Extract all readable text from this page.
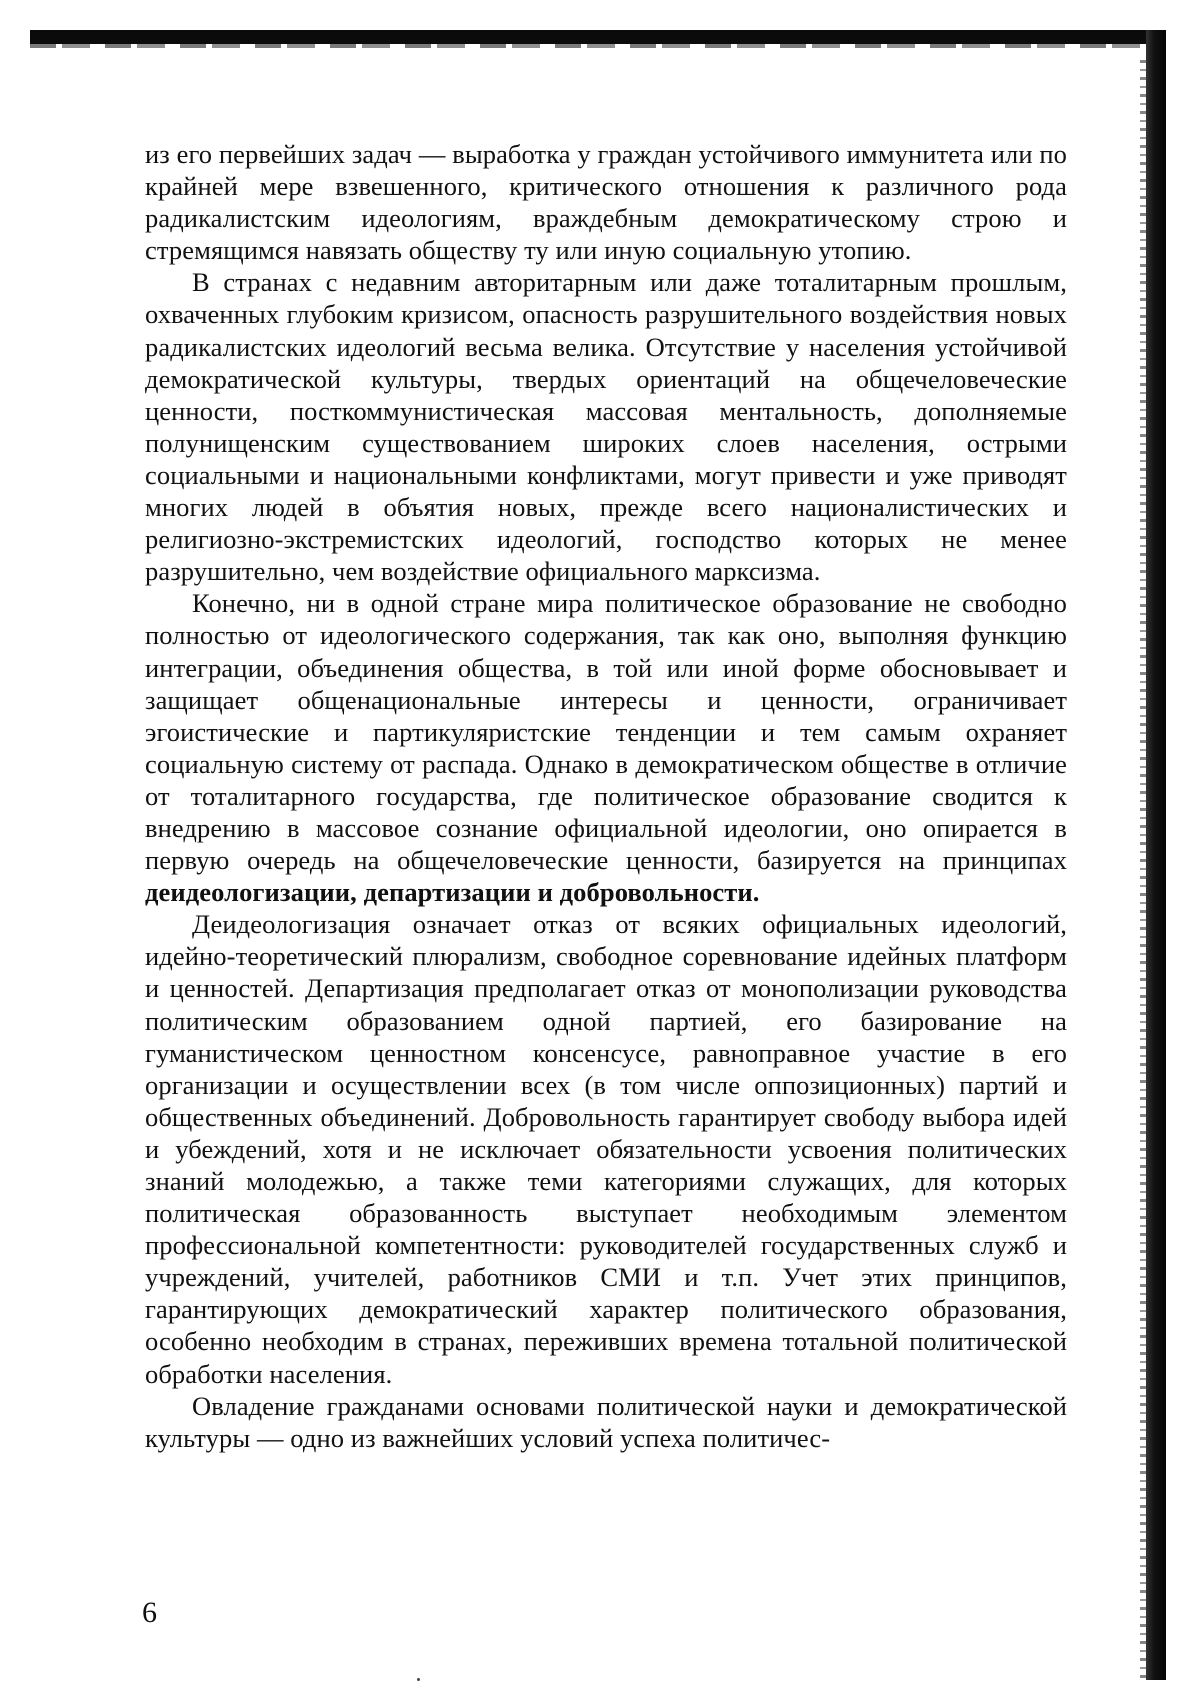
из его первейших задач — выработка у граждан устойчивого иммунитета или по крайней мере взвешенного, критического отношения к различного рода радикалистским идеологиям, враждебным демократическому строю и стремящимся навязать обществу ту или иную социальную утопию.

В странах с недавним авторитарным или даже тоталитарным прошлым, охваченных глубоким кризисом, опасность разрушительного воздействия новых радикалистских идеологий весьма велика. Отсутствие у населения устойчивой демократической культуры, твердых ориентаций на общечеловеческие ценности, посткоммунистическая массовая ментальность, дополняемые полунищенским существованием широких слоев населения, острыми социальными и национальными конфликтами, могут привести и уже приводят многих людей в объятия новых, прежде всего националистических и религиозно-экстремистских идеологий, господство которых не менее разрушительно, чем воздействие официального марксизма.

Конечно, ни в одной стране мира политическое образование не свободно полностью от идеологического содержания, так как оно, выполняя функцию интеграции, объединения общества, в той или иной форме обосновывает и защищает общенациональные интересы и ценности, ограничивает эгоистические и партикуляристские тенденции и тем самым охраняет социальную систему от распада. Однако в демократическом обществе в отличие от тоталитарного государства, где политическое образование сводится к внедрению в массовое сознание официальной идеологии, оно опирается в первую очередь на общечеловеческие ценности, базируется на принципах деидеологизации, департизации и добровольности.

Деидеологизация означает отказ от всяких официальных идеологий, идейно-теоретический плюрализм, свободное соревнование идейных платформ и ценностей. Департизация предполагает отказ от монополизации руководства политическим образованием одной партией, его базирование на гуманистическом ценностном консенсусе, равноправное участие в его организации и осуществлении всех (в том числе оппозиционных) партий и общественных объединений. Добровольность гарантирует свободу выбора идей и убеждений, хотя и не исключает обязательности усвоения политических знаний молодежью, а также теми категориями служащих, для которых политическая образованность выступает необходимым элементом профессиональной компетентности: руководителей государственных служб и учреждений, учителей, работников СМИ и т.п. Учет этих принципов, гарантирующих демократический характер политического образования, особенно необходим в странах, переживших времена тотальной политической обработки населения.

Овладение гражданами основами политической науки и демократической культуры — одно из важнейших условий успеха политичес-

6
